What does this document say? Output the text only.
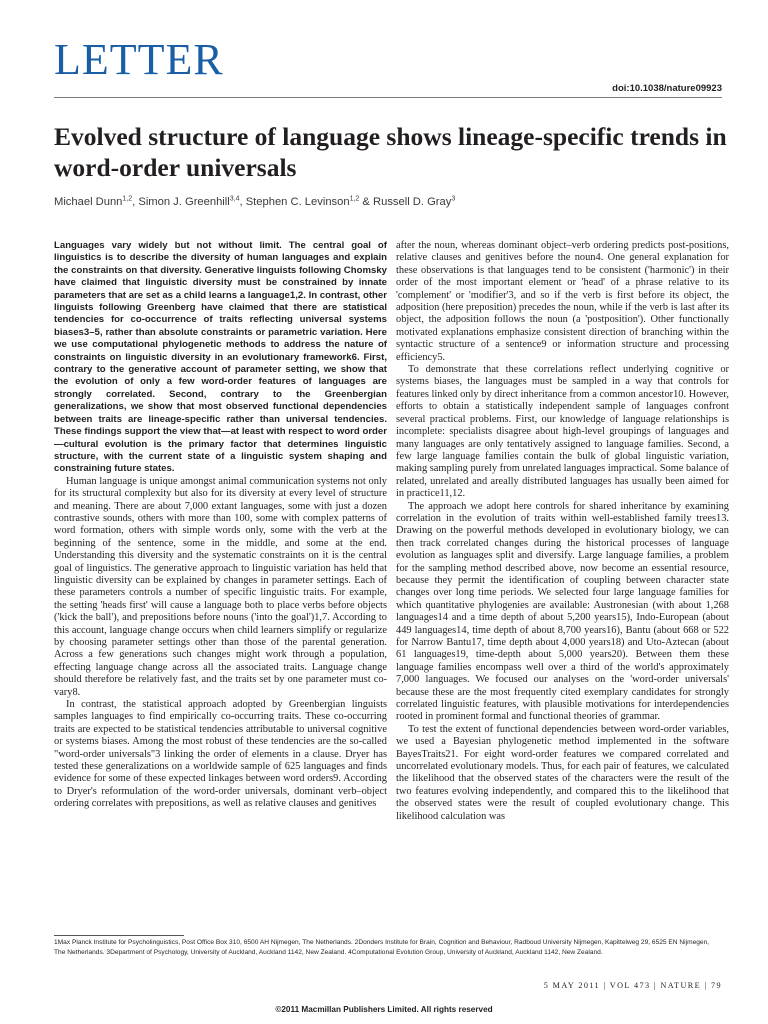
LETTER
doi:10.1038/nature09923
Evolved structure of language shows lineage-specific trends in word-order universals
Michael Dunn$^{1,2}$, Simon J. Greenhill$^{3,4}$, Stephen C. Levinson$^{1,2}$ & Russell D. Gray$^3$

Languages vary widely but not without limit. The central goal of linguistics is to describe the diversity of human languages and explain the constraints on that diversity. Generative linguists following Chomsky have claimed that linguistic diversity must be constrained by innate parameters that are set as a child learns a language1,2. In contrast, other linguists following Greenberg have claimed that there are statistical tendencies for co-occurrence of traits reflecting universal systems biases3–5, rather than absolute constraints or parametric variation. Here we use computational phylogenetic methods to address the nature of constraints on linguistic diversity in an evolutionary framework6. First, contrary to the generative account of parameter setting, we show that the evolution of only a few word-order features of languages are strongly correlated. Second, contrary to the Greenbergian generalizations, we show that most observed functional dependencies between traits are lineage-specific rather than universal tendencies. These findings support the view that—at least with respect to word order—cultural evolution is the primary factor that determines linguistic structure, with the current state of a linguistic system shaping and constraining future states.

Human language is unique amongst animal communication systems not only for its structural complexity but also for its diversity at every level of structure and meaning. There are about 7,000 extant languages, some with just a dozen contrastive sounds, others with more than 100, some with complex patterns of word formation, others with simple words only, some with the verb at the beginning of the sentence, some in the middle, and some at the end. Understanding this diversity and the systematic constraints on it is the central goal of linguistics. The generative approach to linguistic variation has held that linguistic diversity can be explained by changes in parameter settings. Each of these parameters controls a number of specific linguistic traits. For example, the setting 'heads first' will cause a language both to place verbs before objects ('kick the ball'), and prepositions before nouns ('into the goal')1,7. According to this account, language change occurs when child learners simplify or regularize by choosing parameter settings other than those of the parental generation. Across a few generations such changes might work through a population, effecting language change across all the associated traits. Language change should therefore be relatively fast, and the traits set by one parameter must co-vary8.

In contrast, the statistical approach adopted by Greenbergian linguists samples languages to find empirically co-occurring traits. These co-occurring traits are expected to be statistical tendencies attributable to universal cognitive or systems biases. Among the most robust of these tendencies are the so-called "word-order universals"3 linking the order of elements in a clause. Dryer has tested these generalizations on a worldwide sample of 625 languages and finds evidence for some of these expected linkages between word orders9. According to Dryer's reformulation of the word-order universals, dominant verb–object ordering correlates with prepositions, as well as relative clauses and genitives

after the noun, whereas dominant object–verb ordering predicts post-positions, relative clauses and genitives before the noun4. One general explanation for these observations is that languages tend to be consistent ('harmonic') in their order of the most important element or 'head' of a phrase relative to its 'complement' or 'modifier'3, and so if the verb is first before its object, the adposition (here preposition) precedes the noun, while if the verb is last after its object, the adposition follows the noun (a 'postposition'). Other functionally motivated explanations emphasize consistent direction of branching within the syntactic structure of a sentence9 or information structure and processing efficiency5.

To demonstrate that these correlations reflect underlying cognitive or systems biases, the languages must be sampled in a way that controls for features linked only by direct inheritance from a common ancestor10. However, efforts to obtain a statistically independent sample of languages confront several practical problems. First, our knowledge of language relationships is incomplete: specialists disagree about high-level groupings of languages and many languages are only tentatively assigned to language families. Second, a few large language families contain the bulk of global linguistic variation, making sampling purely from unrelated languages impractical. Some balance of related, unrelated and areally distributed languages has usually been aimed for in practice11,12.

The approach we adopt here controls for shared inheritance by examining correlation in the evolution of traits within well-established family trees13. Drawing on the powerful methods developed in evolutionary biology, we can then track correlated changes during the historical processes of language evolution as languages split and diversify. Large language families, a problem for the sampling method described above, now become an essential resource, because they permit the identification of coupling between character state changes over long time periods. We selected four large language families for which quantitative phylogenies are available: Austronesian (with about 1,268 languages14 and a time depth of about 5,200 years15), Indo-European (about 449 languages14, time depth of about 8,700 years16), Bantu (about 668 or 522 for Narrow Bantu17, time depth about 4,000 years18) and Uto-Aztecan (about 61 languages19, time-depth about 5,000 years20). Between them these language families encompass well over a third of the world's approximately 7,000 languages. We focused our analyses on the 'word-order universals' because these are the most frequently cited exemplary candidates for strongly correlated linguistic features, with plausible motivations for interdependencies rooted in prominent formal and functional theories of grammar.

To test the extent of functional dependencies between word-order variables, we used a Bayesian phylogenetic method implemented in the software BayesTraits21. For eight word-order features we compared correlated and uncorrelated evolutionary models. Thus, for each pair of features, we calculated the likelihood that the observed states of the characters were the result of the two features evolving independently, and compared this to the likelihood that the observed states were the result of coupled evolutionary change. This likelihood calculation was

1Max Planck Institute for Psycholinguistics, Post Office Box 310, 6500 AH Nijmegen, The Netherlands. 2Donders Institute for Brain, Cognition and Behaviour, Radboud University Nijmegen, Kapittelweg 29, 6525 EN Nijmegen, The Netherlands. 3Department of Psychology, University of Auckland, Auckland 1142, New Zealand. 4Computational Evolution Group, University of Auckland, Auckland 1142, New Zealand.
5 MAY 2011 | VOL 473 | NATURE | 79
©2011 Macmillan Publishers Limited. All rights reserved
